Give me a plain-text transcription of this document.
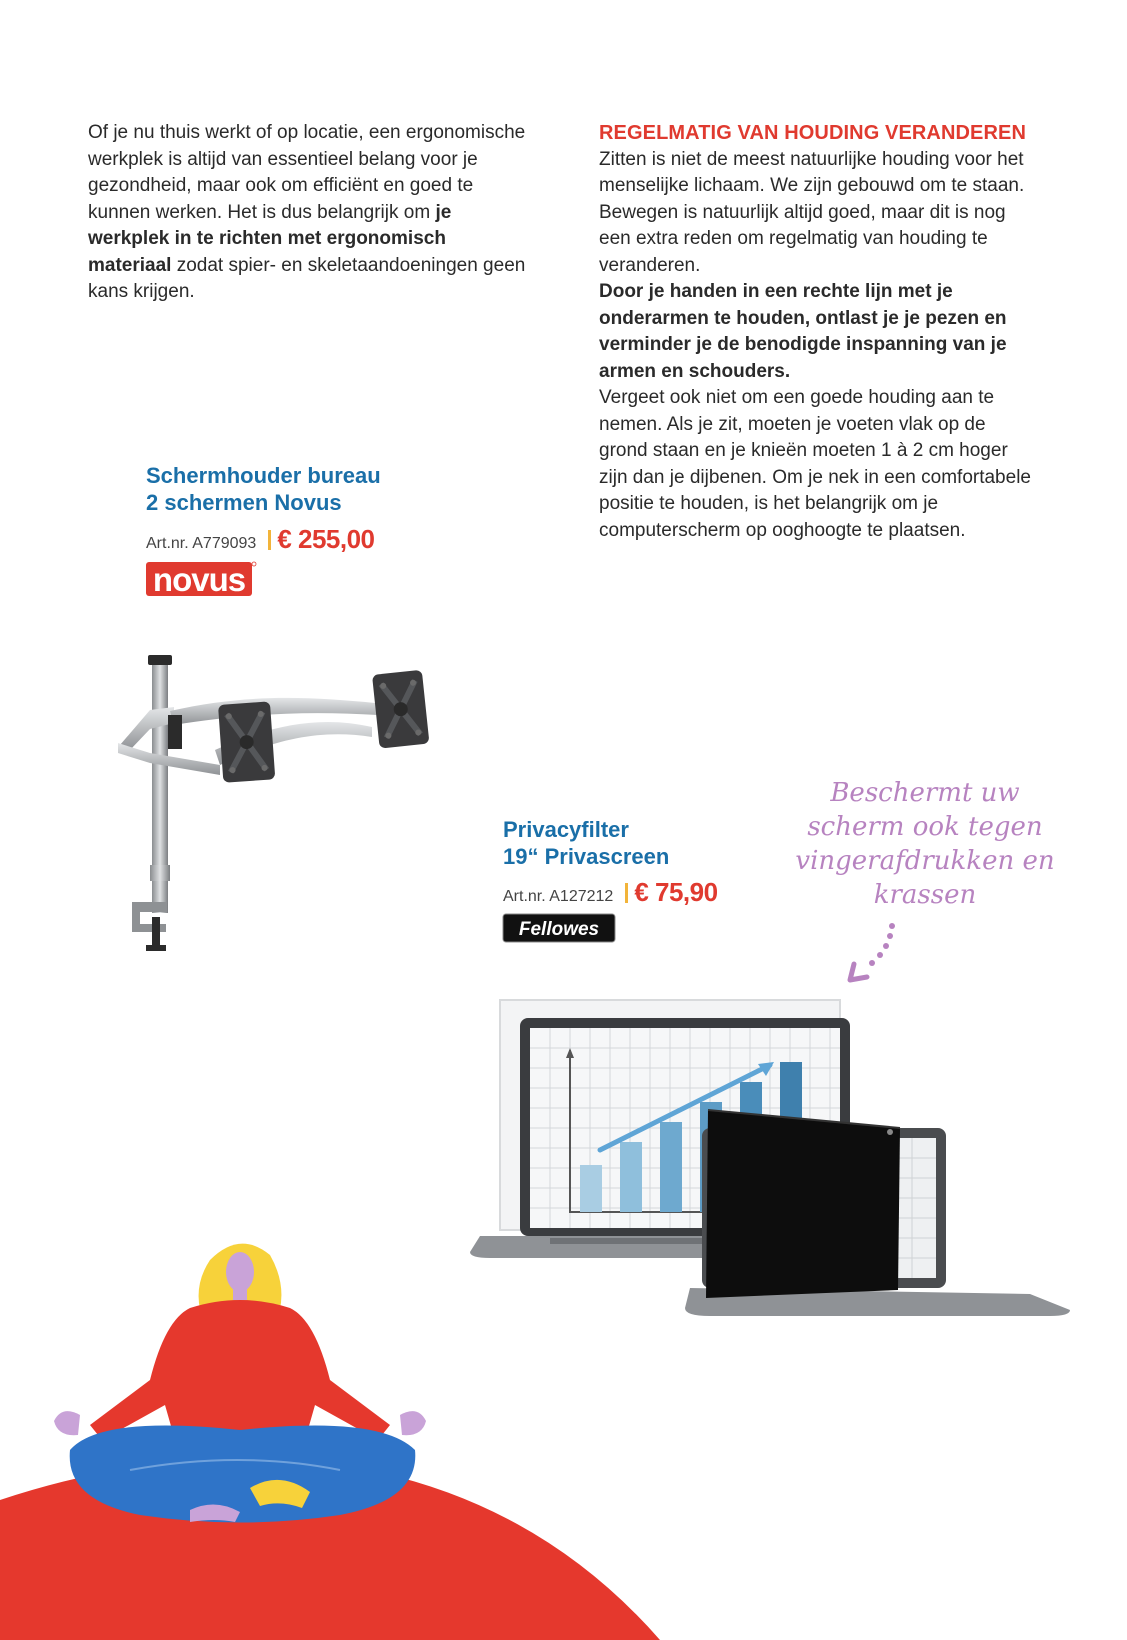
Of je nu thuis werkt of op locatie, een ergonomische werkplek is altijd van essentieel belang voor je gezondheid, maar ook om efficiënt en goed te kunnen werken. Het is dus belangrijk om je werkplek in te richten met ergonomisch materiaal zodat spier- en skeletaandoeningen geen kans krijgen.

REGELMATIG VAN HOUDING VERANDEREN

Zitten is niet de meest natuurlijke houding voor het menselijke lichaam. We zijn gebouwd om te staan. Bewegen is natuurlijk altijd goed, maar dit is nog een extra reden om regelmatig van houding te veranderen.

Door je handen in een rechte lijn met je onderarmen te houden, ontlast je je pezen en verminder je de benodigde inspanning van je armen en schouders.

Vergeet ook niet om een goede houding aan te nemen. Als je zit, moeten je voeten vlak op de grond staan en je knieën moeten 1 à 2 cm hoger zijn dan je dijbenen. Om je nek in een comfortabele positie te houden, is het belangrijk om je computerscherm op ooghoogte te plaatsen.

Schermhouder bureau
2 schermen Novus
Art.nr. A779093 € 255,00
novus
Privacyfilter
19“ Privascreen
Art.nr. A127212 € 75,90
Fellowes
Beschermt uw
scherm ook tegen
vingerafdrukken en
krassen
